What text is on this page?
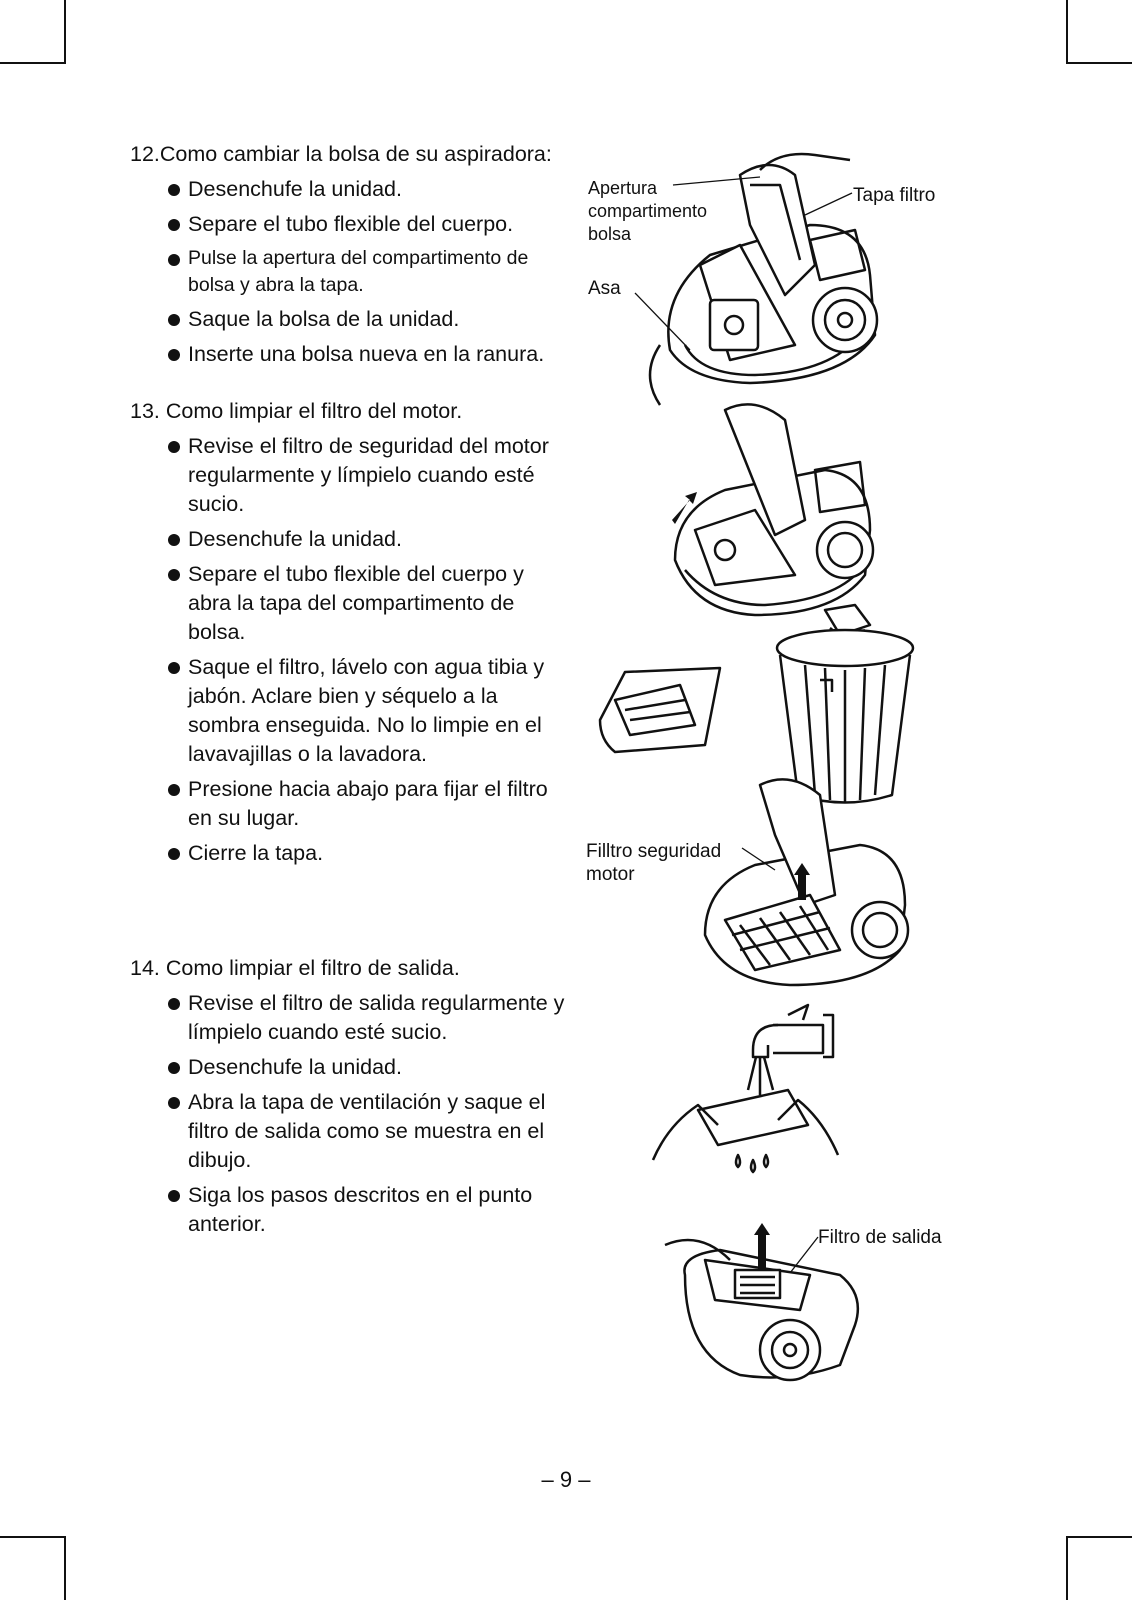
12.Como cambiar la bolsa de su aspiradora:
Desenchufe la unidad.
Separe el tubo flexible del cuerpo.
Pulse la apertura del compartimento de bolsa y abra la tapa.
Saque la bolsa de la unidad.
Inserte una bolsa nueva en la ranura.
13. Como limpiar el filtro del motor.
Revise el filtro de seguridad del motor regularmente y límpielo cuando esté sucio.
Desenchufe la unidad.
Separe el tubo flexible del cuerpo y abra la tapa del compartimento de bolsa.
Saque el filtro, lávelo con agua tibia y jabón. Aclare bien y séquelo a la sombra enseguida. No lo limpie en el lavavajillas o la lavadora.
Presione hacia abajo para fijar el filtro en su lugar.
Cierre la tapa.
14. Como limpiar el filtro de salida.
Revise el filtro de salida regularmente y límpielo cuando esté sucio.
Desenchufe la unidad.
Abra la tapa de ventilación y saque el filtro de salida como se muestra en el dibujo.
Siga los pasos descritos en el punto anterior.
Apertura compartimento bolsa
Tapa filtro
Asa
Filltro seguridad motor
Filtro de salida
– 9 –
